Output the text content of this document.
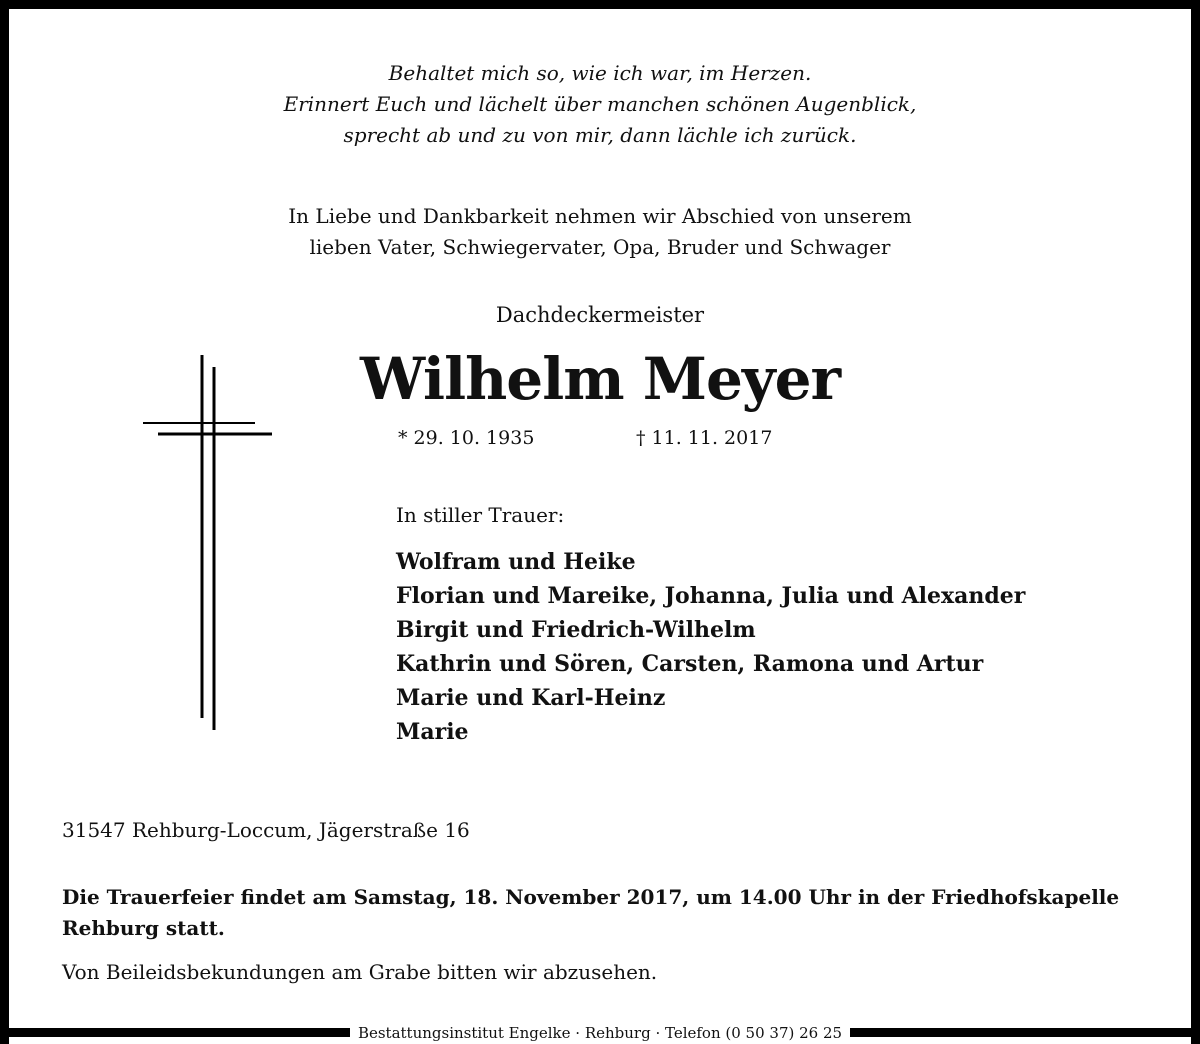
Behaltet mich so, wie ich war, im Herzen.
Erinnert Euch und lächelt über manchen schönen Augenblick,
sprecht ab und zu von mir, dann lächle ich zurück.
In Liebe und Dankbarkeit nehmen wir Abschied von unserem
lieben Vater, Schwiegervater, Opa, Bruder und Schwager
Dachdeckermeister
Wilhelm Meyer
* 29. 10. 1935	† 11. 11. 2017
In stiller Trauer:
Wolfram und Heike
Florian und Mareike, Johanna, Julia und Alexander
Birgit und Friedrich-Wilhelm
Kathrin und Sören, Carsten, Ramona und Artur
Marie und Karl-Heinz
Marie
31547 Rehburg-Loccum, Jägerstraße 16
Die Trauerfeier findet am Samstag, 18. November 2017, um 14.00 Uhr in der Friedhofskapelle
Rehburg statt.
Von Beileidsbekundungen am Grabe bitten wir abzusehen.
Bestattungsinstitut Engelke · Rehburg · Telefon (0 50 37) 26 25
